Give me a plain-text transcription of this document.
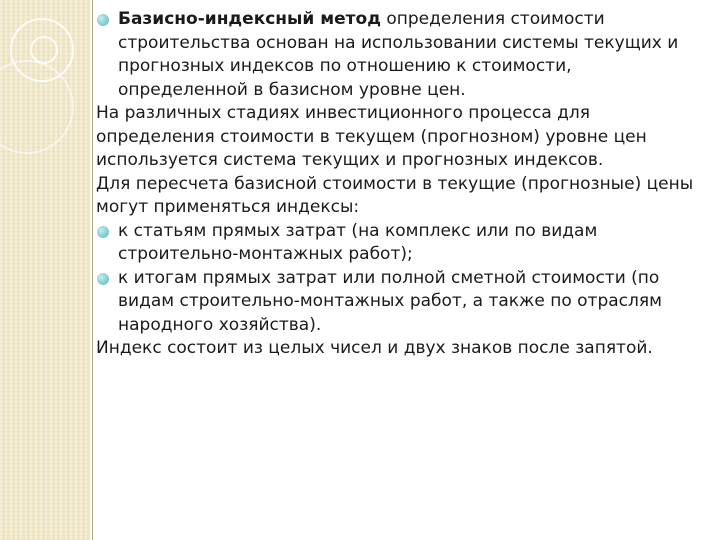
Базисно-индексный метод определения стоимости строительства основан на использовании системы текущих и прогнозных индексов по отношению к стоимости, определенной в базисном уровне цен.

На различных стадиях инвестиционного процесса для определения стоимости в текущем (прогнозном) уровне цен используется система текущих и прогнозных индексов.

Для пересчета базисной стоимости в текущие (прогнозные) цены могут применяться индексы:

к статьям прямых затрат (на комплекс или по видам строительно-монтажных работ);
к итогам прямых затрат или полной сметной стоимости (по видам строительно-монтажных работ, а также по отраслям народного хозяйства).

Индекс состоит из целых чисел и двух знаков после запятой.
